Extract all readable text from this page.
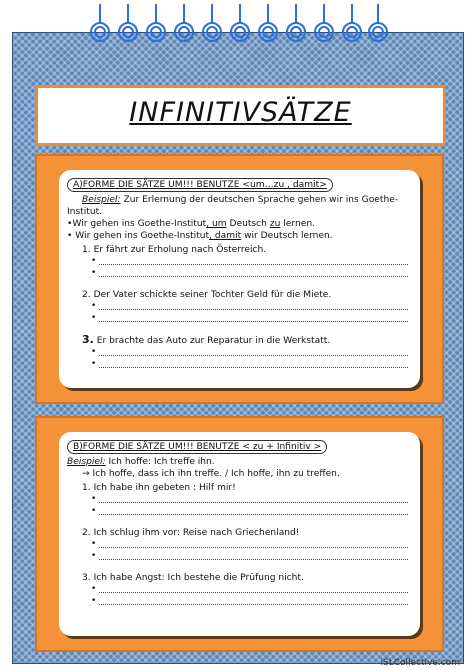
INFINITIVSÄTZE
A)FORME DIE SÄTZE UM!!! BENUTZE <um…zu , damit>
Beispiel: Zur Erlernung der deutschen Sprache gehen wir ins Goethe-
Institut.
•Wir gehen ins Goethe-Institut, um Deutsch zu lernen.
• Wir gehen ins Goethe-Institut, damit wir Deutsch lernen.
1. Er fährt zur Erholung nach Österreich.
•
•
2. Der Vater schickte seiner Tochter Geld für die Miete.
•
•
3. Er brachte das Auto zur Reparatur in die Werkstatt.
•
•
B)FORME DIE SÄTZE UM!!! BENUTZE < zu + Infinitiv >
Beispiel: Ich hoffe: Ich treffe ihn.
→ Ich hoffe, dass ich ihn treffe. / Ich hoffe, ihn zu treffen.
1. Ich habe ihn gebeten : Hilf mir!
•
•
2. Ich schlug ihm vor: Reise nach Griechenland!
•
•
3. Ich habe Angst: Ich bestehe die Prüfung nicht.
•
•
iSLCollective.com
